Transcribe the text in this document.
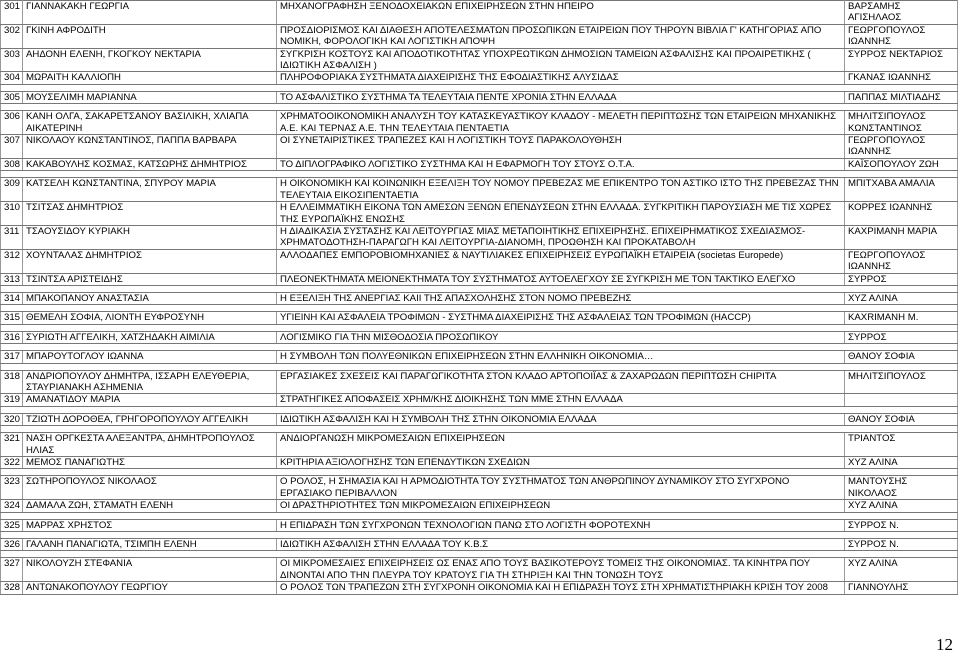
301	ΓΙΑΝΝΑΚΑΚΗ ΓΕΩΡΓΙΑ	ΜΗΧΑΝΟΓΡΑΦΗΣΗ ΞΕΝΟΔΟΧΕΙΑΚΩΝ ΕΠΙΧΕΙΡΗΣΕΩΝ ΣΤΗΝ ΗΠΕΙΡΟ	ΒΑΡΣΑΜΗΣ ΑΓΙΣΗΛΑΟΣ
302	ΓΚΙΝΗ ΑΦΡΟΔΙΤΗ	ΠΡΟΣΔΙΟΡΙΣΜΟΣ ΚΑΙ ΔΙΑΘΕΣΗ ΑΠΟΤΕΛΕΣΜΑΤΩΝ ΠΡΟΣΩΠΙΚΩΝ ΕΤΑΙΡΕΙΩΝ ΠΟΥ ΤΗΡΟΥΝ ΒΙΒΛΙΑ Γ' ΚΑΤΗΓΟΡΙΑΣ ΑΠΟ ΝΟΜΙΚΗ, ΦΟΡΟΛΟΓΙΚΗ ΚΑΙ ΛΟΓΙΣΤΙΚΗ ΑΠΟΨΗ	ΓΕΩΡΓΟΠΟΥΛΟΣ ΙΩΑΝΝΗΣ
303	ΑΗΔΟΝΗ ΕΛΕΝΗ, ΓΚΟΓΚΟΥ ΝΕΚΤΑΡΙΑ	ΣΥΓΚΡΙΣΗ ΚΟΣΤΟΥΣ ΚΑΙ ΑΠΟΔΟΤΙΚΟΤΗΤΑΣ ΥΠΟΧΡΕΩΤΙΚΩΝ ΔΗΜΟΣΙΩΝ ΤΑΜΕΙΩΝ ΑΣΦΑΛΙΣΗΣ ΚΑΙ ΠΡΟΑΙΡΕΤΙΚΗΣ ( ΙΔΙΩΤΙΚΗ ΑΣΦΑΛΙΣΗ )	ΣΥΡΡΟΣ ΝΕΚΤΑΡΙΟΣ
304	ΜΩΡΑΙΤΗ ΚΑΛΛΙΟΠΗ	ΠΛΗΡΟΦΟΡΙΑΚΑ ΣΥΣΤΗΜΑΤΑ ΔΙΑΧΕΙΡΙΣΗΣ ΤΗΣ ΕΦΟΔΙΑΣΤΙΚΗΣ ΑΛΥΣΙΔΑΣ	ΓΚΑΝΑΣ ΙΩΑΝΝΗΣ

305	ΜΟΥΣΕΛΙΜΗ ΜΑΡΙΑΝΝΑ	ΤΟ ΑΣΦΑΛΙΣΤΙΚΟ ΣΥΣΤΗΜΑ ΤΑ ΤΕΛΕΥΤΑΙΑ ΠΕΝΤΕ ΧΡΟΝΙΑ ΣΤΗΝ ΕΛΛΑΔΑ	ΠΑΠΠΑΣ ΜΙΛΤΙΑΔΗΣ

306	ΚΑΝΗ ΟΛΓΑ, ΣΑΚΑΡΕΤΣΑΝΟΥ ΒΑΣΙΛΙΚΗ, ΧΛΙΑΠΑ ΑΙΚΑΤΕΡΙΝΗ	ΧΡΗΜΑΤΟΟΙΚΟΝΟΜΙΚΗ ΑΝΑΛΥΣΗ ΤΟΥ ΚΑΤΑΣΚΕΥΑΣΤΙΚΟΥ ΚΛΑΔΟΥ - ΜΕΛΕΤΗ ΠΕΡΙΠΤΩΣΗΣ ΤΩΝ ΕΤΑΙΡΕΙΩΝ ΜΗΧΑΝΙΚΗΣ Α.Ε. ΚΑΙ ΤΕΡΝΑΣ Α.Ε. ΤΗΝ ΤΕΛΕΥΤΑΙΑ ΠΕΝΤΑΕΤΙΑ	ΜΗΛΙΤΣΙΠΟΥΛΟΣ ΚΩΝΣΤΑΝΤΙΝΟΣ
307	ΝΙΚΟΛΑΟΥ ΚΩΝΣΤΑΝΤΙΝΟΣ, ΠΑΠΠΑ ΒΑΡΒΑΡΑ	ΟΙ ΣΥΝΕΤΑΙΡΙΣΤΙΚΕΣ ΤΡΑΠΕΖΕΣ ΚΑΙ Η ΛΟΓΙΣΤΙΚΗ ΤΟΥΣ ΠΑΡΑΚΟΛΟΥΘΗΣΗ	ΓΕΩΡΓΟΠΟΥΛΟΣ ΙΩΑΝΝΗΣ
308	ΚΑΚΑΒΟΥΛΗΣ ΚΟΣΜΑΣ, ΚΑΤΣΩΡΗΣ ΔΗΜΗΤΡΙΟΣ	ΤΟ ΔΙΠΛΟΓΡΑΦΙΚΟ ΛΟΓΙΣΤΙΚΟ ΣΥΣΤΗΜΑ ΚΑΙ Η ΕΦΑΡΜΟΓΗ ΤΟΥ ΣΤΟΥΣ Ο.Τ.Α.	ΚΑΪΣΟΠΟΥΛΟΥ ΖΩΗ

309	ΚΑΤΣΕΛΗ ΚΩΝΣΤΑΝΤΙΝΑ, ΣΠΥΡΟΥ ΜΑΡΙΑ	Η ΟΙΚΟΝΟΜΙΚΗ ΚΑΙ ΚΟΙΝΩΝΙΚΗ ΕΞΕΛΙΞΗ ΤΟΥ ΝΟΜΟΥ ΠΡΕΒΕΖΑΣ ΜΕ ΕΠΙΚΕΝΤΡΟ ΤΟΝ ΑΣΤΙΚΟ ΙΣΤΟ ΤΗΣ ΠΡΕΒΕΖΑΣ ΤΗΝ ΤΕΛΕΥΤΑΙΑ ΕΙΚΟΣΙΠΕΝΤΑΕΤΙΑ	ΜΠΙΤΧΑΒΑ ΑΜΑΛΙΑ
310	ΤΣΙΤΣΑΣ ΔΗΜΗΤΡΙΟΣ	Η ΕΛΛΕΙΜΜΑΤΙΚΗ ΕΙΚΟΝΑ ΤΩΝ ΑΜΕΣΩΝ ΞΕΝΩΝ ΕΠΕΝΔΥΣΕΩΝ ΣΤΗΝ ΕΛΛΑΔΑ. ΣΥΓΚΡΙΤΙΚΗ ΠΑΡΟΥΣΙΑΣΗ ΜΕ ΤΙΣ ΧΩΡΕΣ ΤΗΣ ΕΥΡΩΠΑΪΚΗΣ ΕΝΩΣΗΣ	ΚΟΡΡΕΣ ΙΩΑΝΝΗΣ
311	ΤΣΑΟΥΣΙΔΟΥ ΚΥΡΙΑΚΗ	Η ΔΙΑΔΙΚΑΣΙΑ ΣΥΣΤΑΣΗΣ ΚΑΙ ΛΕΙΤΟΥΡΓΙΑΣ ΜΙΑΣ ΜΕΤΑΠΟΙΗΤΙΚΗΣ ΕΠΙΧΕΙΡΗΣΗΣ. ΕΠΙΧΕΙΡΗΜΑΤΙΚΟΣ ΣΧΕΔΙΑΣΜΟΣ-ΧΡΗΜΑΤΟΔΟΤΗΣΗ-ΠΑΡΑΓΩΓΗ ΚΑΙ ΛΕΙΤΟΥΡΓΙΑ-ΔΙΑΝΟΜΗ, ΠΡΟΩΘΗΣΗ ΚΑΙ ΠΡΟΚΑΤΑΒΟΛΗ	ΚΑΧΡΙΜΑΝΗ ΜΑΡΙΑ
312	ΧΟΥΝΤΑΛΑΣ ΔΗΜΗΤΡΙΟΣ	ΑΛΛΟΔΑΠΕΣ ΕΜΠΟΡΟΒΙΟΜΗΧΑΝΙΕΣ & ΝΑΥΤΙΛΙΑΚΕΣ ΕΠΙΧΕΙΡΗΣΕΙΣ ΕΥΡΩΠΑΪΚΗ ΕΤΑΙΡΕΙΑ (societas Europede)	ΓΕΩΡΓΟΠΟΥΛΟΣ ΙΩΑΝΝΗΣ
313	ΤΣΙΝΤΣΑ ΑΡΙΣΤΕΙΔΗΣ	ΠΛΕΟΝΕΚΤΗΜΑΤΑ ΜΕΙΟΝΕΚΤΗΜΑΤΑ ΤΟΥ ΣΥΣΤΗΜΑΤΟΣ ΑΥΤΟΕΛΕΓΧΟΥ ΣΕ ΣΥΓΚΡΙΣΗ ΜΕ ΤΟΝ ΤΑΚΤΙΚΟ ΕΛΕΓΧΟ	ΣΥΡΡΟΣ

314	ΜΠΑΚΟΠΑΝΟΥ ΑΝΑΣΤΑΣΙΑ	Η ΕΞΕΛΙΞΗ ΤΗΣ ΑΝΕΡΓΙΑΣ ΚΑΙΙ ΤΗΣ ΑΠΑΣΧΟΛΗΣΗΣ ΣΤΟΝ ΝΟΜΟ ΠΡΕΒΕΖΗΣ	ΧΥΖ ΑΛΙΝΑ

315	ΘΕΜΕΛΗ ΣΟΦΙΑ, ΛΙΟΝΤΗ ΕΥΦΡΟΣΥΝΗ	ΥΓΙΕΙΝΗ ΚΑΙ ΑΣΦΑΛΕΙΑ ΤΡΟΦΙΜΩΝ - ΣΥΣΤΗΜΑ ΔΙΑΧΕΙΡΙΣΗΣ ΤΗΣ ΑΣΦΑΛΕΙΑΣ ΤΩΝ ΤΡΟΦΙΜΩΝ (HACCP)	KAXRIMANH M.

316	ΣΥΡΙΩΤΗ ΑΓΓΕΛΙΚΗ, ΧΑΤΖΗΔΑΚΗ ΑΙΜΙΛΙΑ	ΛΟΓΙΣΜΙΚΟ ΓΙΑ ΤΗΝ ΜΙΣΘΟΔΟΣΙΑ ΠΡΟΣΩΠΙΚΟΥ	ΣΥΡΡΟΣ

317	ΜΠΑΡΟΥΤΟΓΛΟΥ ΙΩΑΝΝΑ	Η ΣΥΜΒΟΛΗ ΤΩΝ ΠΟΛΥΕΘΝΙΚΩΝ ΕΠΙΧΕΙΡΗΣΕΩΝ ΣΤΗΝ ΕΛΛΗΝΙΚΗ ΟΙΚΟΝΟΜΙΑ…	ΘΑΝΟΥ ΣΟΦΙΑ

318	ΑΝΔΡΙΟΠΟΥΛΟΥ ΔΗΜΗΤΡΑ, ΙΣΣΑΡΗ ΕΛΕΥΘΕΡΙΑ, ΣΤΑΥΡΙΑΝΑΚΗ ΑΣΗΜΕΝΙΑ	ΕΡΓΑΣΙΑΚΕΣ ΣΧΕΣΕΙΣ ΚΑΙ ΠΑΡΑΓΩΓΙΚΟΤΗΤΑ ΣΤΟΝ ΚΛΑΔΟ ΑΡΤΟΠΟΙΪΑΣ & ΖΑΧΑΡΩΔΩΝ ΠΕΡΙΠΤΩΣΗ CHIPITA	ΜΗΛΙΤΣΙΠΟΥΛΟΣ
319	ΑΜΑΝΑΤΙΔΟΥ ΜΑΡΙΑ	ΣΤΡΑΤΗΓΙΚΕΣ ΑΠΟΦΑΣΕΙΣ ΧΡΗΜ/ΚΗΣ ΔΙΟΙΚΗΣΗΣ ΤΩΝ ΜΜΕ ΣΤΗΝ ΕΛΛΑΔΑ	

320	ΤΖΙΩΤΗ ΔΟΡΟΘΕΑ, ΓΡΗΓΟΡΟΠΟΥΛΟΥ ΑΓΓΕΛΙΚΗ	ΙΔΙΩΤΙΚΗ ΑΣΦΑΛΙΣΗ ΚΑΙ Η ΣΥΜΒΟΛΗ ΤΗΣ ΣΤΗΝ ΟΙΚΟΝΟΜΙΑ ΕΛΛΑΔΑ	ΘΑΝΟΥ ΣΟΦΙΑ

321	ΝΑΣΗ ΟΡΓΚΕΣΤΑ ΑΛΕΞΑΝΤΡΑ, ΔΗΜΗΤΡΟΠΟΥΛΟΣ ΗΛΙΑΣ	ΑΝΔΙΟΡΓΑΝΩΣΗ ΜΙΚΡΟΜΕΣΑΙΩΝ ΕΠΙΧΕΙΡΗΣΕΩΝ	ΤΡΙΑΝΤΟΣ
322	ΜΕΜΟΣ ΠΑΝΑΓΙΩΤΗΣ	ΚΡΙΤΗΡΙΑ ΑΞΙΟΛΟΓΗΣΗΣ ΤΩΝ ΕΠΕΝΔΥΤΙΚΩΝ ΣΧΕΔΙΩΝ	ΧΥΖ ΑΛΙΝΑ

323	ΣΩΤΗΡΟΠΟΥΛΟΣ ΝΙΚΟΛΑΟΣ	Ο ΡΟΛΟΣ, Η ΣΗΜΑΣΙΑ ΚΑΙ Η ΑΡΜΟΔΙΟΤΗΤΑ ΤΟΥ ΣΥΣΤΗΜΑΤΟΣ ΤΩΝ ΑΝΘΡΩΠΙΝΟΥ ΔΥΝΑΜΙΚΟΥ ΣΤΟ ΣΥΓΧΡΟΝΟ ΕΡΓΑΣΙΑΚΟ ΠΕΡΙΒΑΛΛΟΝ	ΜΑΝΤΟΥΣΗΣ ΝΙΚΟΛΑΟΣ
324	ΔΑΜΑΛΑ ΖΩΗ, ΣΤΑΜΑΤΗ ΕΛΕΝΗ	ΟΙ ΔΡΑΣΤΗΡΙΟΤΗΤΕΣ ΤΩΝ ΜΙΚΡΟΜΕΣΑΙΩΝ ΕΠΙΧΕΙΡΗΣΕΩΝ	ΧΥΖ ΑΛΙΝΑ

325	ΜΑΡΡΑΣ ΧΡΗΣΤΟΣ	Η ΕΠΙΔΡΑΣΗ ΤΩΝ ΣΥΓΧΡΟΝΩΝ ΤΕΧΝΟΛΟΓΙΩΝ ΠΑΝΩ ΣΤΟ ΛΟΓΙΣΤΗ ΦΟΡΟΤΕΧΝΗ	ΣΥΡΡΟΣ Ν.

326	ΓΑΛΑΝΗ ΠΑΝΑΓΙΩΤΑ, ΤΣΙΜΠΗ ΕΛΕΝΗ	ΙΔΙΩΤΙΚΗ ΑΣΦΑΛΙΣΗ ΣΤΗΝ ΕΛΛΑΔΑ ΤΟΥ Κ.Β.Σ	ΣΥΡΡΟΣ Ν.

327	ΝΙΚΟΛΟΥΖΗ ΣΤΕΦΑΝΙΑ	ΟΙ ΜΙΚΡΟΜΕΣΑΙΕΣ ΕΠΙΧΕΙΡΗΣΕΙΣ ΩΣ ΕΝΑΣ ΑΠΟ ΤΟΥΣ ΒΑΣΙΚΟΤΕΡΟΥΣ ΤΟΜΕΙΣ ΤΗΣ ΟΙΚΟΝΟΜΙΑΣ. ΤΑ ΚΙΝΗΤΡΑ ΠΟΥ ΔΙΝΟΝΤΑΙ ΑΠΟ ΤΗΝ ΠΛΕΥΡΑ ΤΟΥ ΚΡΑΤΟΥΣ ΓΙΑ ΤΗ ΣΤΗΡΙΞΗ ΚΑΙ ΤΗΝ ΤΟΝΩΣΗ ΤΟΥΣ	ΧΥΖ ΑΛΙΝΑ
328	ΑΝΤΩΝΑΚΟΠΟΥΛΟΥ ΓΕΩΡΓΙΟΥ	Ο ΡΟΛΟΣ ΤΩΝ ΤΡΑΠΕΖΩΝ ΣΤΗ ΣΥΓΧΡΟΝΗ ΟΙΚΟΝΟΜΙΑ ΚΑΙ Η ΕΠΙΔΡΑΣΗ ΤΟΥΣ ΣΤΗ ΧΡΗΜΑΤΙΣΤΗΡΙΑΚΗ ΚΡΙΣΗ ΤΟΥ 2008	ΓΙΑΝΝΟΥΛΗΣ
12
